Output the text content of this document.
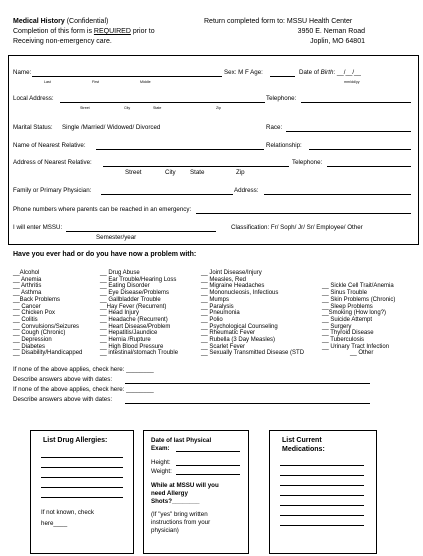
Medical History (Confidential)
Completion of this form is REQUIRED prior to
Receiving non-emergency care.
Return completed form to: MSSU Health Center
3950 E. Neman Road
Joplin, MO 64801
Name:	Sex: M F Age:	Date of Birth: __/__/__
Last	First	Middle	mm/dd/yy
Local Address:	Telephone:
Street	City	State	Zip
Marital Status: Single /Married/ Widowed/ Divorced	Race:
Name of Nearest Relative:	Relationship:
Address of Nearest Relative:	Telephone:
Street	City State	Zip
Family or Primary Physician:	Address:
Phone numbers where parents can be reached in an emergency:
I will enter MSSU:	Classification: Fr/ Soph/ Jr/ Sr/ Employee/ Other
Semester/year
Have you ever had or do you have now a problem with:
__Alcohol
__ Anemia
__ Arthritis
__ Asthma
__Back Problems
__ Cancer
__ Chicken Pox
__ Colitis
__ Convulsions/Seizures
__ Cough (Chronic)
__ Depression
__ Diabetes
__ Disability/Handicapped
__ Drug Abuse
__ Ear Trouble/Hearing Loss
__ Eating Disorder
__ Eye Disease/Problems
__ Gallbladder Trouble
__Hay Fever (Recurrent)
__ Head Injury
__ Headache (Recurrent)
__ Heart Disease/Problem
__ Hepatitis/Jaundice
__ Hernia /Rupture
__ High Blood Pressure
__ intestinal/stomach Trouble
__ Joint Disease/Injury
__ Measles, Red
__ Migraine Headaches
__ Mononucleosis, Infectious
__ Mumps
__ Paralysis
__ Pneumonia
__ Polio
__ Psychological Counseling
__ Rheumatic Fever
__ Rubella (3 Day Measles)
__ Scarlet Fever
__ Sexually Transmitted Disease (STD	__ Other
__ Sickle Cell Trait/Anemia
__ Sinus Trouble
__ Skin Problems (Chronic)
__ Sleep Problems
__Smoking (How long?)
__ Suicide Attempt
__ Surgery
__ Thyroid Disease
__ Tuberculosis
__ Urinary Tract Infection
If none of the above applies, check here: ________
Describe answers above with dates:
If none of the above applies, check here: ________
Describe answers above with dates:
List Drug Allergies:
If not known, check
here____
Date of last Physical
Exam:
Height:
Weight:
While at MSSU will you
need Allergy
Shots?________
(If "yes" bring written
instructions from your
physician)
List Current
Medications:
